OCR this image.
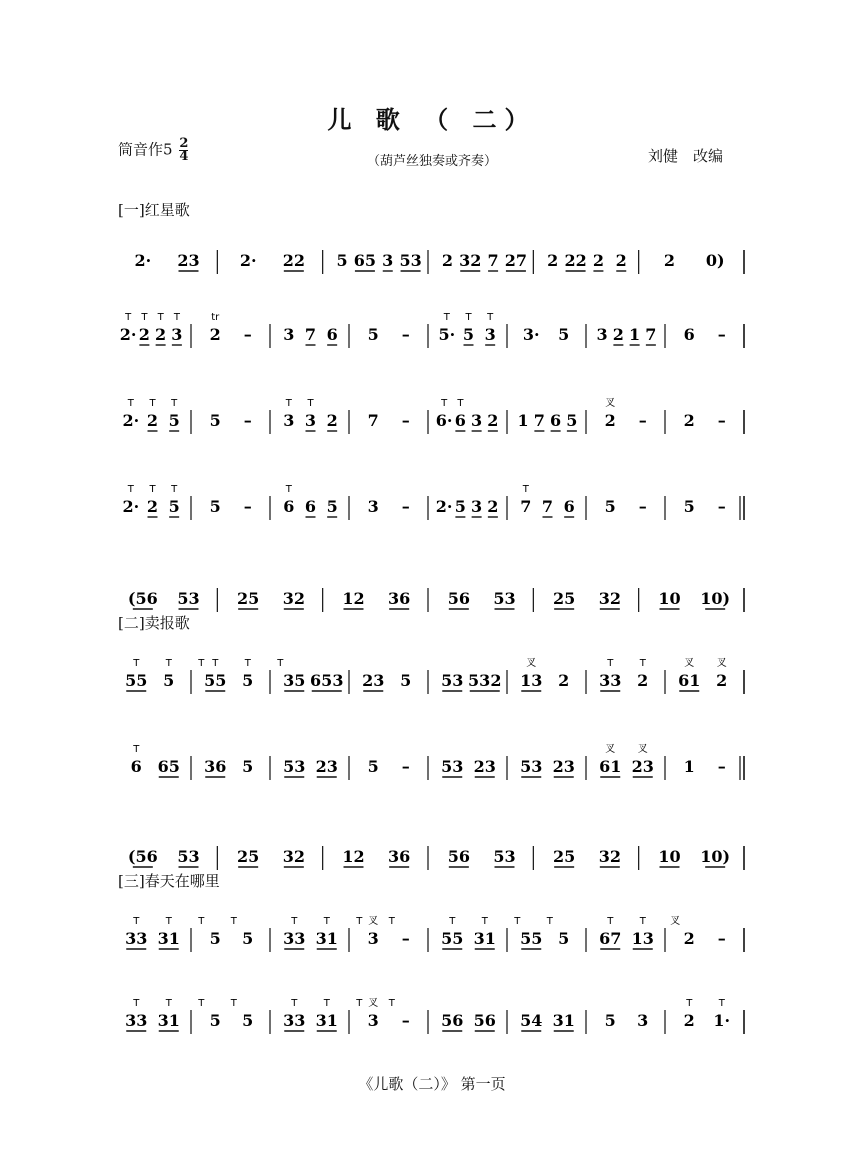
儿 歌 （ 二）
筒音作$5 \frac{2}{4}$	（葫芦丝独奏或齐奏）	刘健　改编
[一]红星歌
[二]卖报歌
[三]春天在哪里
2· 23	2· 22 5 65 3 53 2 32 7 27 2 22 2 2 2 0)
2· 2 2 3
T T T T
2 –
tr
3 7 6 5 – 5· 5 3
T T T
3· 5 3 2 1 7 6 –
2· 2 5
T T T
5 – 3 3 2
T T
7 – 6· 6 3 2
T T
1 7 6 5 2 –
叉
2 –
2· 2 5
T T T
5 – 6 6 5
T
3 – 2· 5 3 2 7 7 6
T
5 – 5 –
(56 53 25 32 12 36 56 53 25 32 10 10)
55 5
T	T	T
55 5
T	T	T
35 653 23 5 53 532 13 2
叉
33 2
T	T
61 2
叉 叉
6 65
T
36 5 53 23 5 – 53 23 53 23 61 23
叉 叉
1 –
(56 53 25 32 12 36 56 53 25 32 10 10)
33 31
T	T	T	T
5 5 33 31
T	T	T	T
3 –
叉
55 31
T	T	T	T
55 5 67 13
T	T 叉
2 –
33 31
T	T	T	T
5 5 33 31
T	T	T	T
3 –
叉
56 56 54 31 5 3 2 1·
T	T
《儿歌（二）》 第一页
